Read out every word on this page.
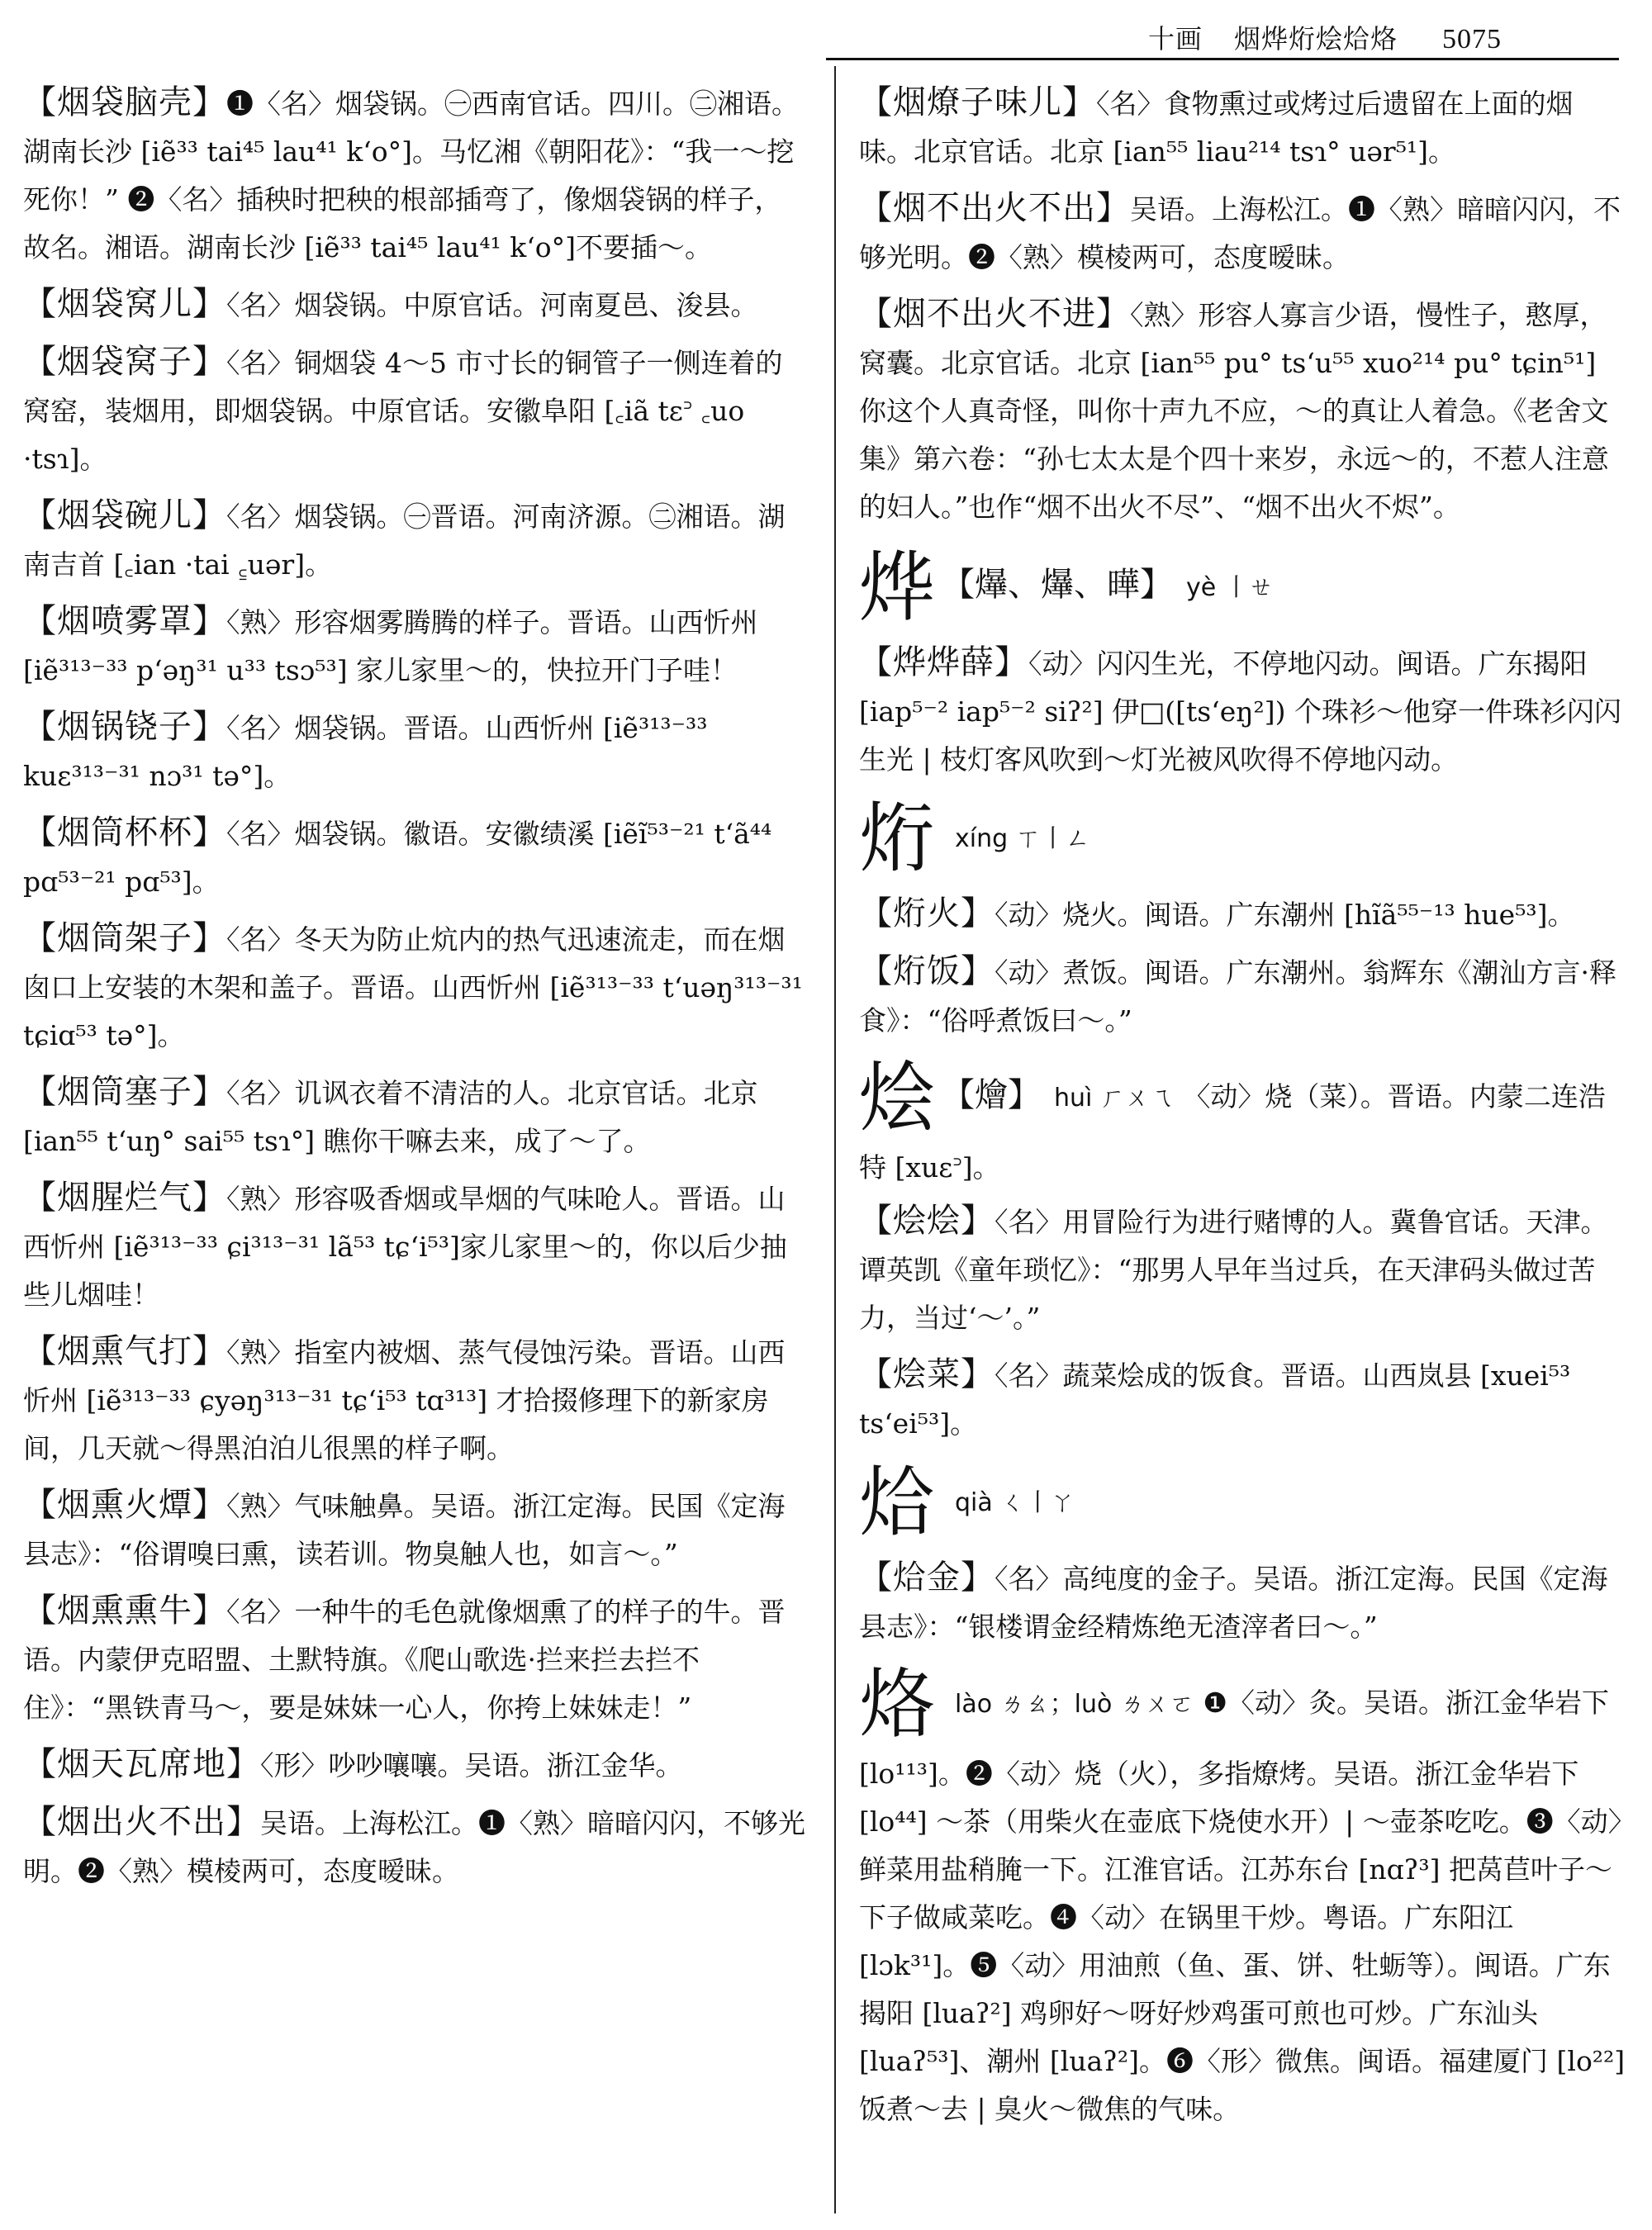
十画 烟烨烆烩烚烙 5075
【烟袋脑壳】❶〈名〉烟袋锅。㊀西南官话。四川。㊁湘语。湖南长沙 [iẽ³³ tai⁴⁵ lau⁴¹ k‘o°]。马忆湘《朝阳花》：“我一～挖死你！” ❷〈名〉插秧时把秧的根部插弯了，像烟袋锅的样子，故名。湘语。湖南长沙 [iẽ³³ tai⁴⁵ lau⁴¹ k‘o°]不要插～。
【烟袋窝儿】〈名〉烟袋锅。中原官话。河南夏邑、浚县。
【烟袋窝子】〈名〉铜烟袋 4～5 市寸长的铜管子一侧连着的窝窑，装烟用，即烟袋锅。中原官话。安徽阜阳 [꜀iã tɛ꜄ ꜀uo ·tsɿ]。
【烟袋碗儿】〈名〉烟袋锅。㊀晋语。河南济源。㊁湘语。湖南吉首 [꜀ian ·tai ꜁uər]。
【烟喷雾罩】〈熟〉形容烟雾腾腾的样子。晋语。山西忻州 [iẽ³¹³⁻³³ p‘əŋ³¹ u³³ tsɔ⁵³] 家儿家里～的，快拉开门子哇！
【烟锅铙子】〈名〉烟袋锅。晋语。山西忻州 [iẽ³¹³⁻³³ kuɛ³¹³⁻³¹ nɔ³¹ tə°]。
【烟筒杯杯】〈名〉烟袋锅。徽语。安徽绩溪 [iẽĩ⁵³⁻²¹ t‘ã⁴⁴ pɑ⁵³⁻²¹ pɑ⁵³]。
【烟筒架子】〈名〉冬天为防止炕内的热气迅速流走，而在烟囱口上安装的木架和盖子。晋语。山西忻州 [iẽ³¹³⁻³³ t‘uəŋ³¹³⁻³¹ tɕiɑ⁵³ tə°]。
【烟筒塞子】〈名〉讥讽衣着不清洁的人。北京官话。北京 [ian⁵⁵ t‘uŋ° sai⁵⁵ tsɿ°] 瞧你干嘛去来，成了～了。
【烟腥烂气】〈熟〉形容吸香烟或旱烟的气味呛人。晋语。山西忻州 [iẽ³¹³⁻³³ ɕi³¹³⁻³¹ lã⁵³ tɕ‘i⁵³]家儿家里～的，你以后少抽些儿烟哇！
【烟熏气打】〈熟〉指室内被烟、蒸气侵蚀污染。晋语。山西忻州 [iẽ³¹³⁻³³ ɕyəŋ³¹³⁻³¹ tɕ‘i⁵³ tɑ³¹³] 才拾掇修理下的新家房间，几天就～得黑泊泊儿很黑的样子啊。
【烟熏火燂】〈熟〉气味触鼻。吴语。浙江定海。民国《定海县志》：“俗谓嗅曰熏，读若训。物臭触人也，如言～。”
【烟熏熏牛】〈名〉一种牛的毛色就像烟熏了的样子的牛。晋语。内蒙伊克昭盟、土默特旗。《爬山歌选·拦来拦去拦不住》：“黑铁青马～，要是妹妹一心人，你挎上妹妹走！”
【烟天瓦席地】〈形〉吵吵嚷嚷。吴语。浙江金华。
【烟出火不出】吴语。上海松江。❶〈熟〉暗暗闪闪，不够光明。❷〈熟〉模棱两可，态度暧昧。
【烟燎子味儿】〈名〉食物熏过或烤过后遗留在上面的烟味。北京官话。北京 [ian⁵⁵ liau²¹⁴ tsɿ° uər⁵¹]。
【烟不出火不出】吴语。上海松江。❶〈熟〉暗暗闪闪，不够光明。❷〈熟〉模棱两可，态度暧昧。
【烟不出火不进】〈熟〉形容人寡言少语，慢性子，憨厚，窝囊。北京官话。北京 [ian⁵⁵ pu° ts‘u⁵⁵ xuo²¹⁴ pu° tɕin⁵¹] 你这个人真奇怪，叫你十声九不应，～的真让人着急。《老舍文集》第六卷：“孙七太太是个四十来岁，永远～的，不惹人注意的妇人。”也作“烟不出火不尽”、“烟不出火不烬”。
烨 【爗、爗、曄】 yè 丨ㄝ
【烨烨薛】〈动〉闪闪生光，不停地闪动。闽语。广东揭阳 [iap⁵⁻² iap⁵⁻² siʔ²] 伊□([ts‘eŋ²]) 个珠衫～他穿一件珠衫闪闪生光 | 枝灯客风吹到～灯光被风吹得不停地闪动。
烆xíng ㄒ丨ㄥ
【烆火】〈动〉烧火。闽语。广东潮州 [hĩã⁵⁵⁻¹³ hue⁵³]。
【烆饭】〈动〉煮饭。闽语。广东潮州。翁辉东《潮汕方言·释食》：“俗呼煮饭曰～。”
烩 【燴】 huì ㄏㄨㄟ 〈动〉烧（菜）。晋语。内蒙二连浩特 [xuɛ꜄]。
【烩烩】〈名〉用冒险行为进行赌博的人。冀鲁官话。天津。谭英凯《童年琐忆》：“那男人早年当过兵，在天津码头做过苦力，当过‘～’。”
【烩菜】〈名〉蔬菜烩成的饭食。晋语。山西岚县 [xuei⁵³ ts‘ei⁵³]。
烚qià ㄑ丨ㄚ
【烚金】〈名〉高纯度的金子。吴语。浙江定海。民国《定海县志》：“银楼谓金经精炼绝无渣滓者曰～。”
烙lào ㄌㄠ；luò ㄌㄨㄛ ❶〈动〉灸。吴语。浙江金华岩下 [lo¹¹³]。❷〈动〉烧（火），多指燎烤。吴语。浙江金华岩下 [lo⁴⁴] ～茶（用柴火在壶底下烧使水开）| ～壶茶吃吃。❸〈动〉鲜菜用盐稍腌一下。江淮官话。江苏东台 [nɑʔ³] 把莴苣叶子～下子做咸菜吃。❹〈动〉在锅里干炒。粤语。广东阳江 [lɔk³¹]。❺〈动〉用油煎（鱼、蛋、饼、牡蛎等）。闽语。广东揭阳 [luaʔ²] 鸡卵好～呀好炒鸡蛋可煎也可炒。广东汕头 [luaʔ⁵³]、潮州 [luaʔ²]。❻〈形〉微焦。闽语。福建厦门 [lo²²] 饭煮～去 | 臭火～微焦的气味。
